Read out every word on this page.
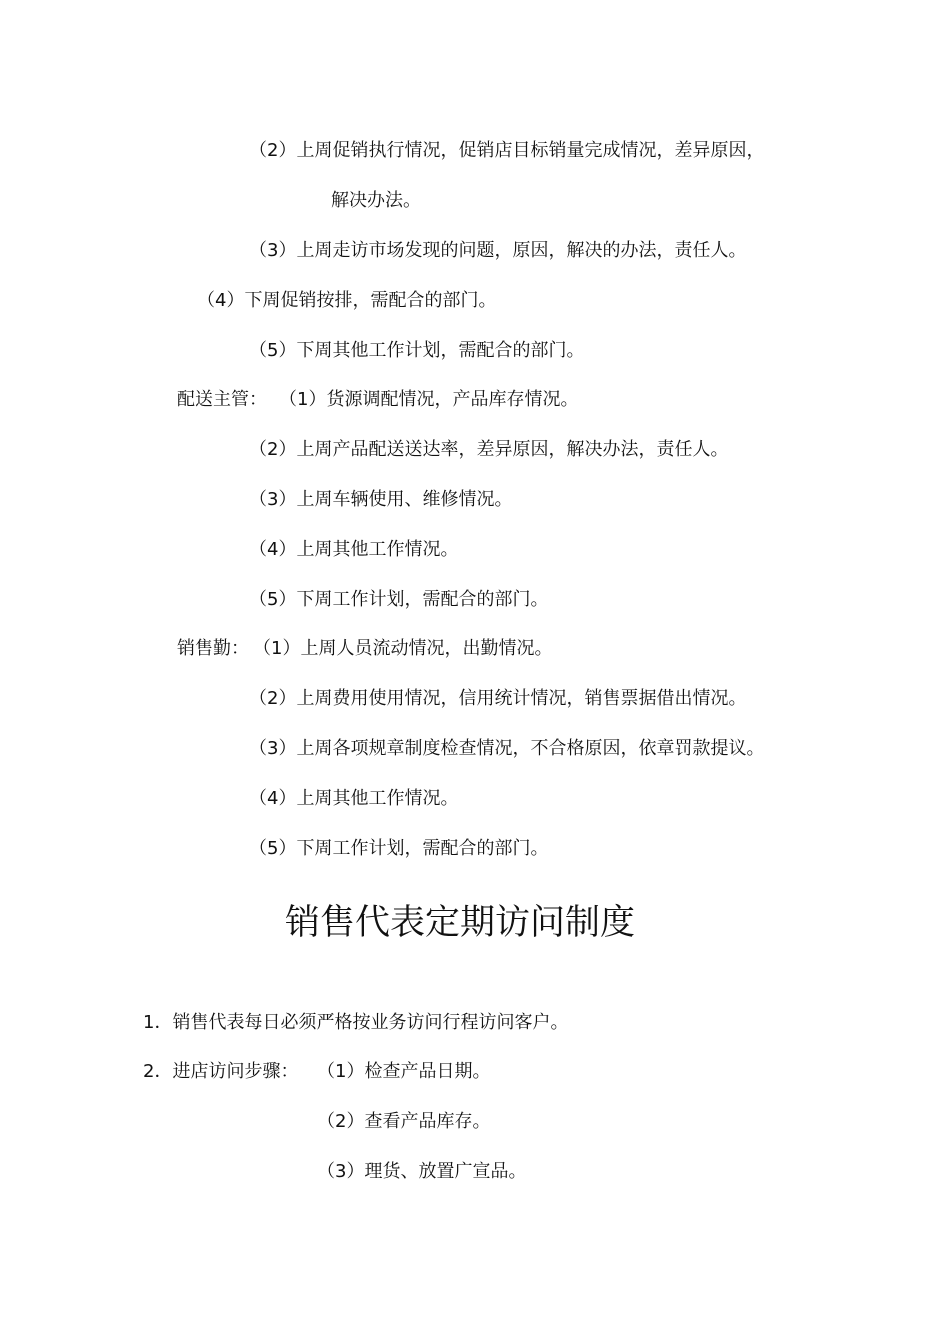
（2）上周促销执行情况，促销店目标销量完成情况，差异原因，
解决办法。
（3）上周走访市场发现的问题，原因，解决的办法，责任人。
（4）下周促销按排，需配合的部门。
（5）下周其他工作计划，需配合的部门。
配送主管： （1）货源调配情况，产品库存情况。
（2）上周产品配送送达率，差异原因，解决办法，责任人。
（3）上周车辆使用、维修情况。
（4）上周其他工作情况。
（5）下周工作计划，需配合的部门。
销售勤： （1）上周人员流动情况，出勤情况。
（2）上周费用使用情况，信用统计情况，销售票据借出情况。
（3）上周各项规章制度检查情况，不合格原因，依章罚款提议。
（4）上周其他工作情况。
（5）下周工作计划，需配合的部门。
销售代表定期访问制度
1．销售代表每日必须严格按业务访问行程访问客户。
2．进店访问步骤： （1）检查产品日期。
（2）查看产品库存。
（3）理货、放置广宣品。
